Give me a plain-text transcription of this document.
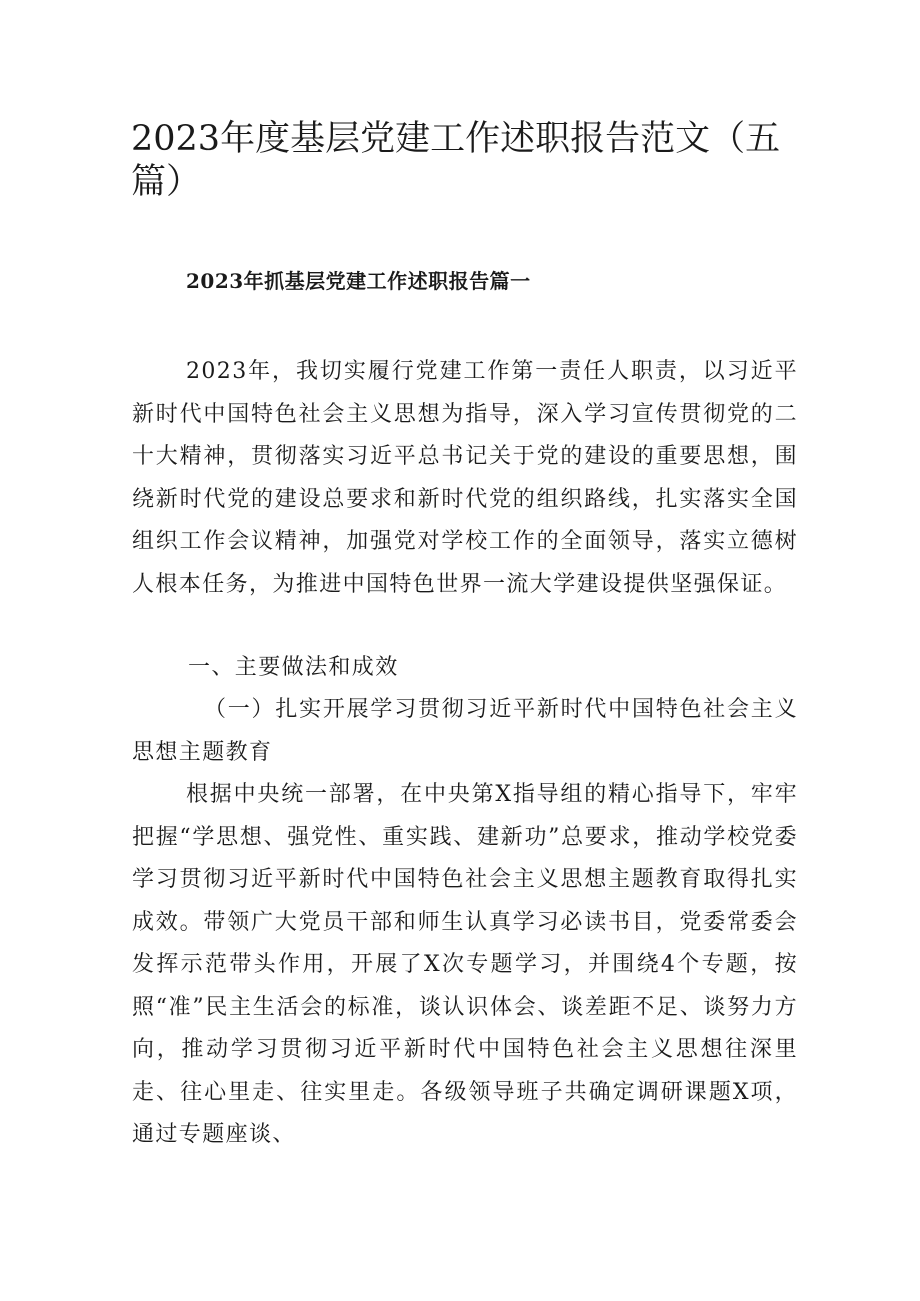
2023年度基层党建工作述职报告范文（五篇）
2023年抓基层党建工作述职报告篇一

2023年，我切实履行党建工作第一责任人职责，以习近平新时代中国特色社会主义思想为指导，深入学习宣传贯彻党的二十大精神，贯彻落实习近平总书记关于党的建设的重要思想，围绕新时代党的建设总要求和新时代党的组织路线，扎实落实全国组织工作会议精神，加强党对学校工作的全面领导，落实立德树人根本任务，为推进中国特色世界一流大学建设提供坚强保证。

一、主要做法和成效

（一）扎实开展学习贯彻习近平新时代中国特色社会主义思想主题教育

根据中央统一部署，在中央第X指导组的精心指导下，牢牢把握“学思想、强党性、重实践、建新功”总要求，推动学校党委学习贯彻习近平新时代中国特色社会主义思想主题教育取得扎实成效。带领广大党员干部和师生认真学习必读书目，党委常委会发挥示范带头作用，开展了X次专题学习，并围绕4个专题，按照“准”民主生活会的标准，谈认识体会、谈差距不足、谈努力方向，推动学习贯彻习近平新时代中国特色社会主义思想往深里走、往心里走、往实里走。各级领导班子共确定调研课题X项，通过专题座谈、
